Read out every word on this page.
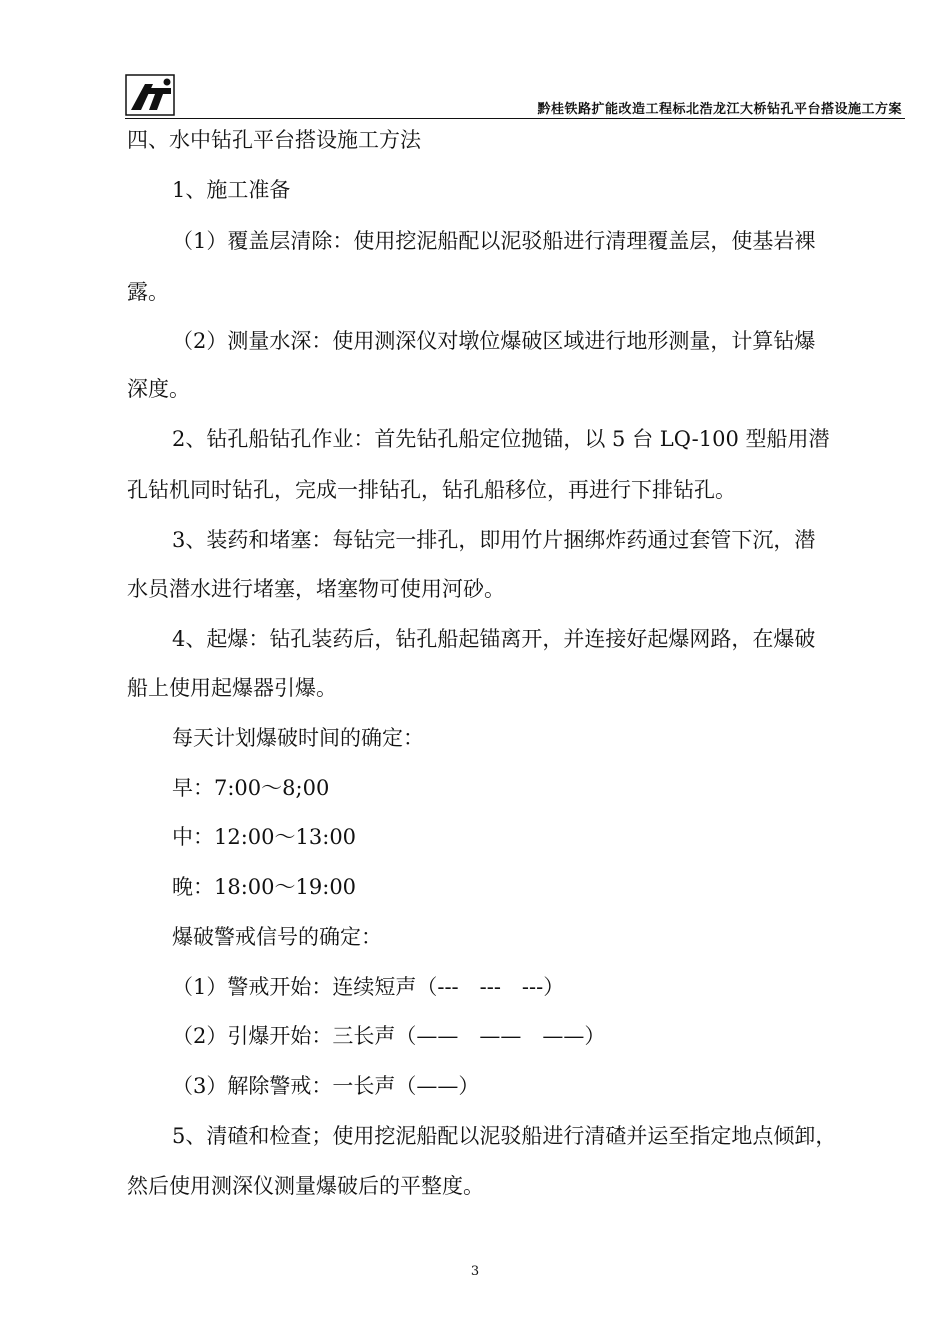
黔桂铁路扩能改造工程标北浩龙江大桥钻孔平台搭设施工方案
四、水中钻孔平台搭设施工方法
1、施工准备
（1）覆盖层清除：使用挖泥船配以泥驳船进行清理覆盖层，使基岩裸
露。
（2）测量水深：使用测深仪对墩位爆破区域进行地形测量，计算钻爆
深度。
2、钻孔船钻孔作业：首先钻孔船定位抛锚，以 5 台 LQ-100 型船用潜
孔钻机同时钻孔，完成一排钻孔，钻孔船移位，再进行下排钻孔。
3、装药和堵塞：每钻完一排孔，即用竹片捆绑炸药通过套管下沉，潜
水员潜水进行堵塞，堵塞物可使用河砂。
4、起爆：钻孔装药后，钻孔船起锚离开，并连接好起爆网路，在爆破
船上使用起爆器引爆。
每天计划爆破时间的确定：
早：7:00～8;00
中：12:00～13:00
晚：18:00～19:00
爆破警戒信号的确定：
（1）警戒开始：连续短声（---　---　---）
（2）引爆开始：三长声（——　——　——）
（3）解除警戒：一长声（——）
5、清碴和检查；使用挖泥船配以泥驳船进行清碴并运至指定地点倾卸，
然后使用测深仪测量爆破后的平整度。
3
